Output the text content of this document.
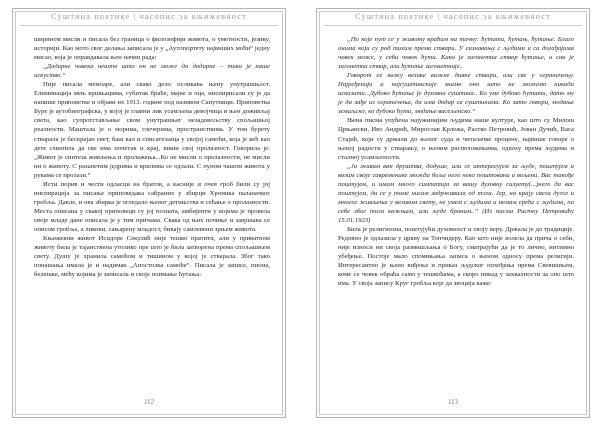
Суштина поетике | часопис за књижевност

ширином мисли и писала без граница о филозофији живота, о уметности, језику, историји. Као мото свог делања записала је у „Аутопортету највиших моћи“ једну мисао, која је оправдавала њен начин рада:

„Додирне човека нешто што он не може да додирне – тако је наше искуство.“

Није писала мемоаре, али свако дело осликава њену унутрашњост. Елиминација мењ вршњацима, губитак браће, мајке и оца, инспирисали су је да напише приповетке и објави их 1913. године под називом Сапутници. Приповетка Буре је аутобиографска, у којој је главни лик усамљена девојчица и њен доживљај света, као супротстављање свом унутрашњег незадовољству спољашњој реалности. Маштала је о морима, глечерима, пространствима. У том бурету стварала је бескрајан свет, баш као и списатељица у својој самоћи, која је већ као дете схватила да све има почетак и крај, виши свој пролазност. Говорила је: „Живот је синтеза живљења и пролажења...Ко не мисли о пролазности, не мисли ни о животу. С разапетим једрима и крилима се одлази. С пуном чашом живота у рукама се пролази.“

Исти порив и чести одласци на братов, а касније и очев гроб били су јој инспирација за писање приповедака сабраних у збирци Хроника паланачког гробља. Дакле, и ова збирка је огледало њеног детињства и сећање о пролазности. Места описана у свакој приповеци су јој познатa, амбијенти у којима је провела своје младе дане описала је у тим причама. Свака од њих почиње и завршава се описом гробља, а ликови, сањарену младост, бивају самлевени зрњем живота.

Књижевни живот Исидоре Секулић није тешко пратити, али у приватном животу била је тајанствена утолико пре што је била затворена према спољашњем свету. Душу је хранила самоћом и тишином у којој је стварала. Због тако понашања имала је и надимак „Апостолка самоће“. Писала је записе, писма, белешке, мећу којима је записала и своје поимање ћутања:

112
Суштина поетике | часопис за књижевност

„По које пут се у животу враћам на тачку: ћутати, ћутањ, ћутање. Благо онима који су род тихим према ствари. У сазнавању с људима и са догађајима човек може, у себи човек ћути. Како је загонетна ствар ћутање, и сан је загонетна ствар, али ћутање загонетније..

Говорот се кажу велике важне дивне ствари, али све у ограничењу. Најређенији и најсуштинскије знамо оно што не можемо никада исказати...Дубоко ћутање је духовна суштина.. Ко уме дубоко ћутати, дато му је да зађе из ограничења, да има додир са суштинама. Ко зато говори, модање земаљско, ко дубоко ћути, модање васељенско.“

Њена писма упућена најужинијим људима наше културе, као што су Милош Црњански, Иво Андрић, Мирослав Крлежа, Растко Петровић, Јован Дучић, Васа Стајић, који су држали до њеног суда и читалачке процене, највише говоре о њеној радости у стварању, о њеним расположењима, одnosу према људима и сталној усамљености.

„Ја живим ван друштва, додуше, али се интересујем за људе, поштујем и волим своје савременике можда боље него неко поштовани и вољени. Вас такође поштујем, и имам много симпатија за вашу духовну силуету(...)него да вас поштујем, да се у томе нисам задржавала од тога. Јер, на крају свега дугог и многог живљења у великом свету, не умем с људима и немам среће с људима, па себе због тога кажњам, али људе браним..“ (Из писма Растку Петровићу 15.01.1923)

Била је религиозна, поштујући духовност и своју веру. Држала је до традиције. Редовно је одлазила у цркву на Топчидеру. Као што није волела да прича о себи, није износи ни своја размишљања о Богу, сматрајући да је то лично, интимно убеђење. Постоје мало спомињања записа о њеном односу према религији. Интересантно је њено виђење и приказ људског опхођења према Свевишњем, коме се човек обраћа само у тешкоћама, а скоро никад у захвалности за оно што има. У своја запису Круг гробља које да звоција каже:

113
